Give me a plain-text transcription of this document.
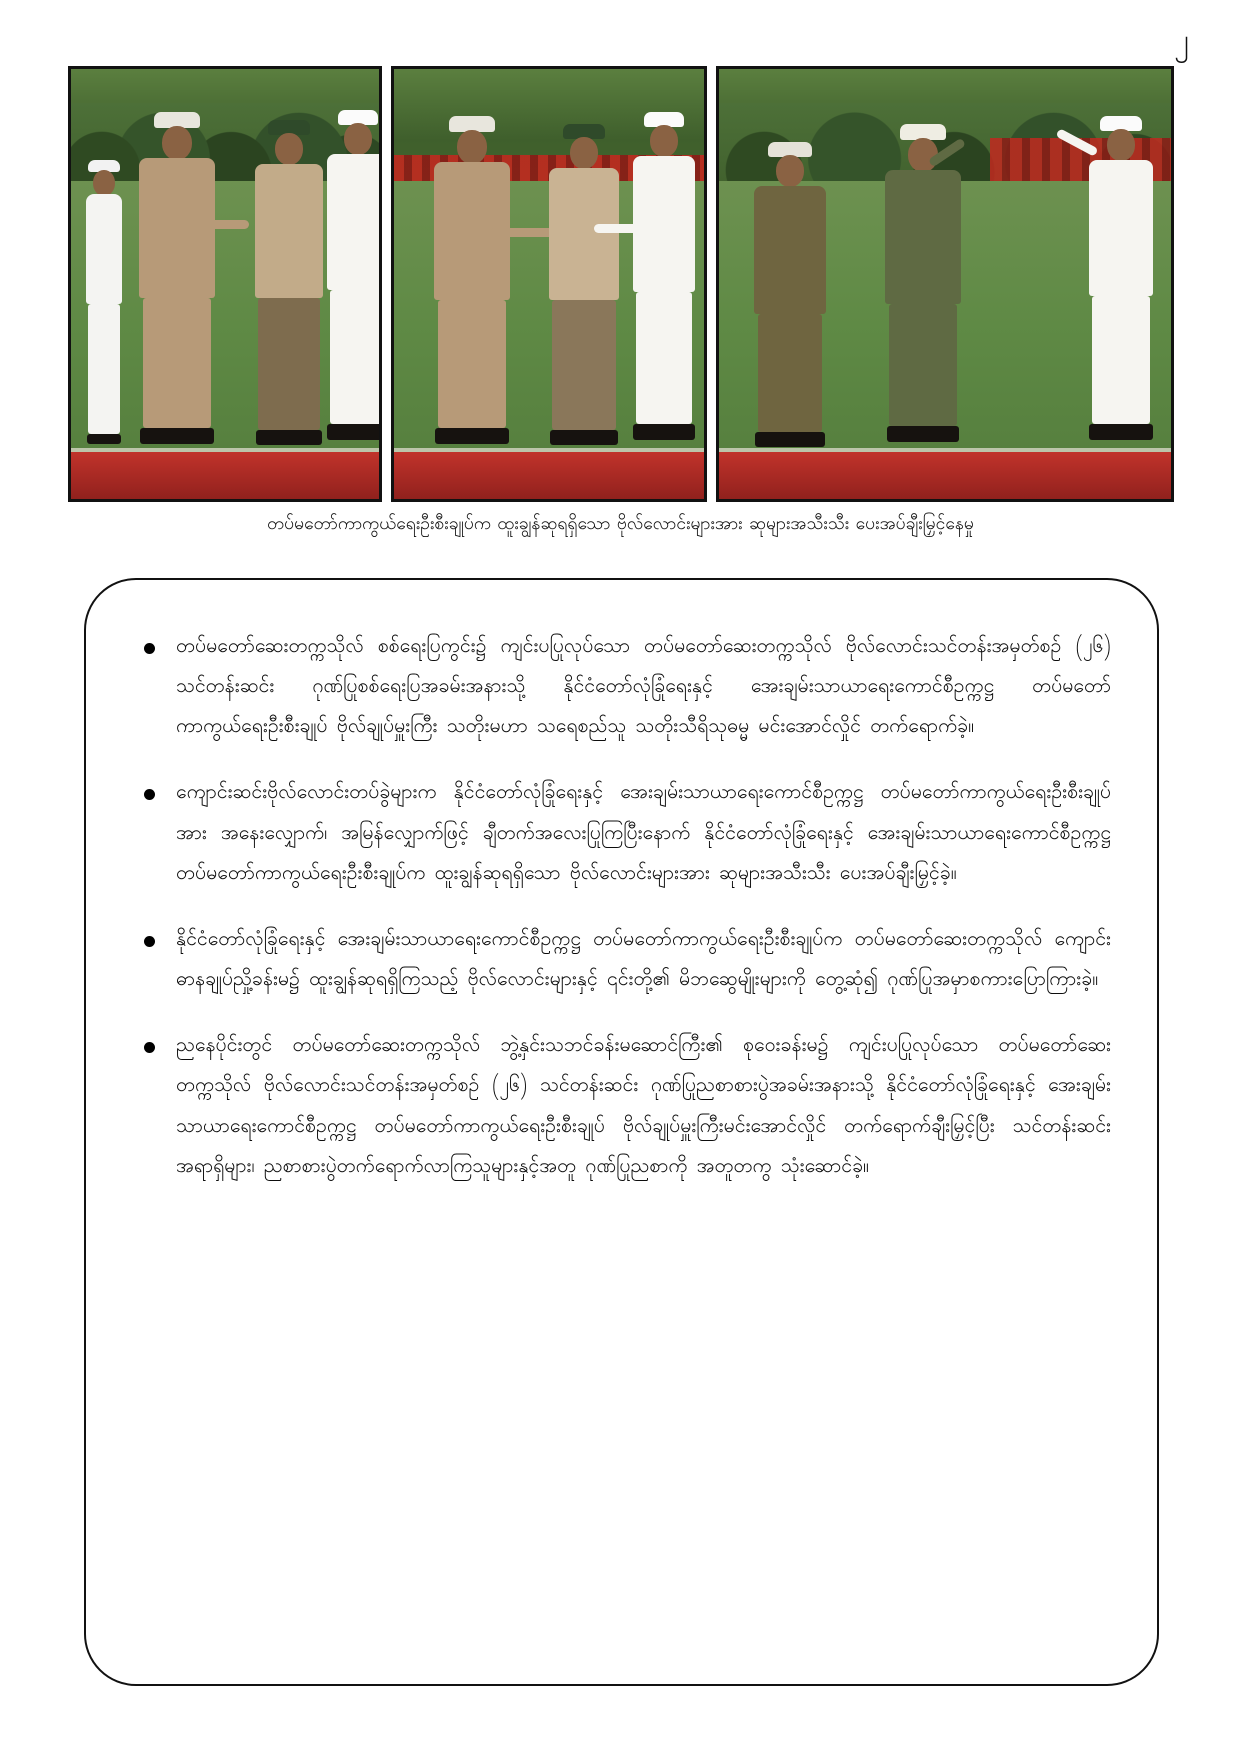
၂
တပ်မတော်ကာကွယ်ရေးဦးစီးချုပ်က ထူးချွန်ဆုရရှိသော ဗိုလ်လောင်းများအား ဆုများအသီးသီး ပေးအပ်ချီးမြှင့်နေမှု
တပ်မတော်ဆေးတက္ကသိုလ် စစ်ရေးပြကွင်း၌ ကျင်းပပြုလုပ်သော တပ်မတော်ဆေးတက္ကသိုလ် ဗိုလ်လောင်းသင်တန်းအမှတ်စဉ် (၂၆) သင်တန်းဆင်း ဂုဏ်ပြုစစ်ရေးပြအခမ်းအနားသို့ နိုင်ငံတော်လုံခြုံရေးနှင့် အေးချမ်းသာယာရေးကောင်စီဥက္ကဋ္ဌ တပ်မတော်ကာကွယ်ရေးဦးစီးချုပ် ဗိုလ်ချုပ်မှူးကြီး သတိုးမဟာ သရေစည်သူ သတိုးသီရိသုဓမ္မ မင်းအောင်လှိုင် တက်ရောက်ခဲ့။
ကျောင်းဆင်းဗိုလ်လောင်းတပ်ခွဲများက နိုင်ငံတော်လုံခြုံရေးနှင့် အေးချမ်းသာယာရေးကောင်စီဥက္ကဋ္ဌ တပ်မတော်ကာကွယ်ရေးဦးစီးချုပ်အား အနေးလျှောက်၊ အမြန်လျှောက်ဖြင့် ချီတက်အလေးပြုကြပြီးနောက် နိုင်ငံတော်လုံခြုံရေးနှင့် အေးချမ်းသာယာရေးကောင်စီဥက္ကဋ္ဌ တပ်မတော်ကာကွယ်ရေးဦးစီးချုပ်က ထူးချွန်ဆုရရှိသော ဗိုလ်လောင်းများအား ဆုများအသီးသီး ပေးအပ်ချီးမြှင့်ခဲ့။
နိုင်ငံတော်လုံခြုံရေးနှင့် အေးချမ်းသာယာရေးကောင်စီဥက္ကဋ္ဌ တပ်မတော်ကာကွယ်ရေးဦးစီးချုပ်က တပ်မတော်ဆေးတက္ကသိုလ် ကျောင်းဓာနချုပ်ညှို့ခန်းမ၌ ထူးချွန်ဆုရရှိကြသည့် ဗိုလ်လောင်းများနှင့် ၎င်းတို့၏ မိဘဆွေမျိုးများကို တွေ့ဆုံ၍ ဂုဏ်ပြုအမှာစကားပြောကြားခဲ့။
ညနေပိုင်းတွင် တပ်မတော်ဆေးတက္ကသိုလ် ဘွဲ့နှင်းသဘင်ခန်းမဆောင်ကြီး၏ စုဝေးခန်းမ၌ ကျင်းပပြုလုပ်သော တပ်မတော်ဆေးတက္ကသိုလ် ဗိုလ်လောင်းသင်တန်းအမှတ်စဉ် (၂၆) သင်တန်းဆင်း ဂုဏ်ပြုညစာစားပွဲအခမ်းအနားသို့ နိုင်ငံတော်လုံခြုံရေးနှင့် အေးချမ်းသာယာရေးကောင်စီဥက္ကဋ္ဌ တပ်မတော်ကာကွယ်ရေးဦးစီးချုပ် ဗိုလ်ချုပ်မှူးကြီးမင်းအောင်လှိုင် တက်ရောက်ချီးမြှင့်ပြီး သင်တန်းဆင်းအရာရှိများ၊ ညစာစားပွဲတက်ရောက်လာကြသူများနှင့်အတူ ဂုဏ်ပြုညစာကို အတူတကွ သုံးဆောင်ခဲ့။
